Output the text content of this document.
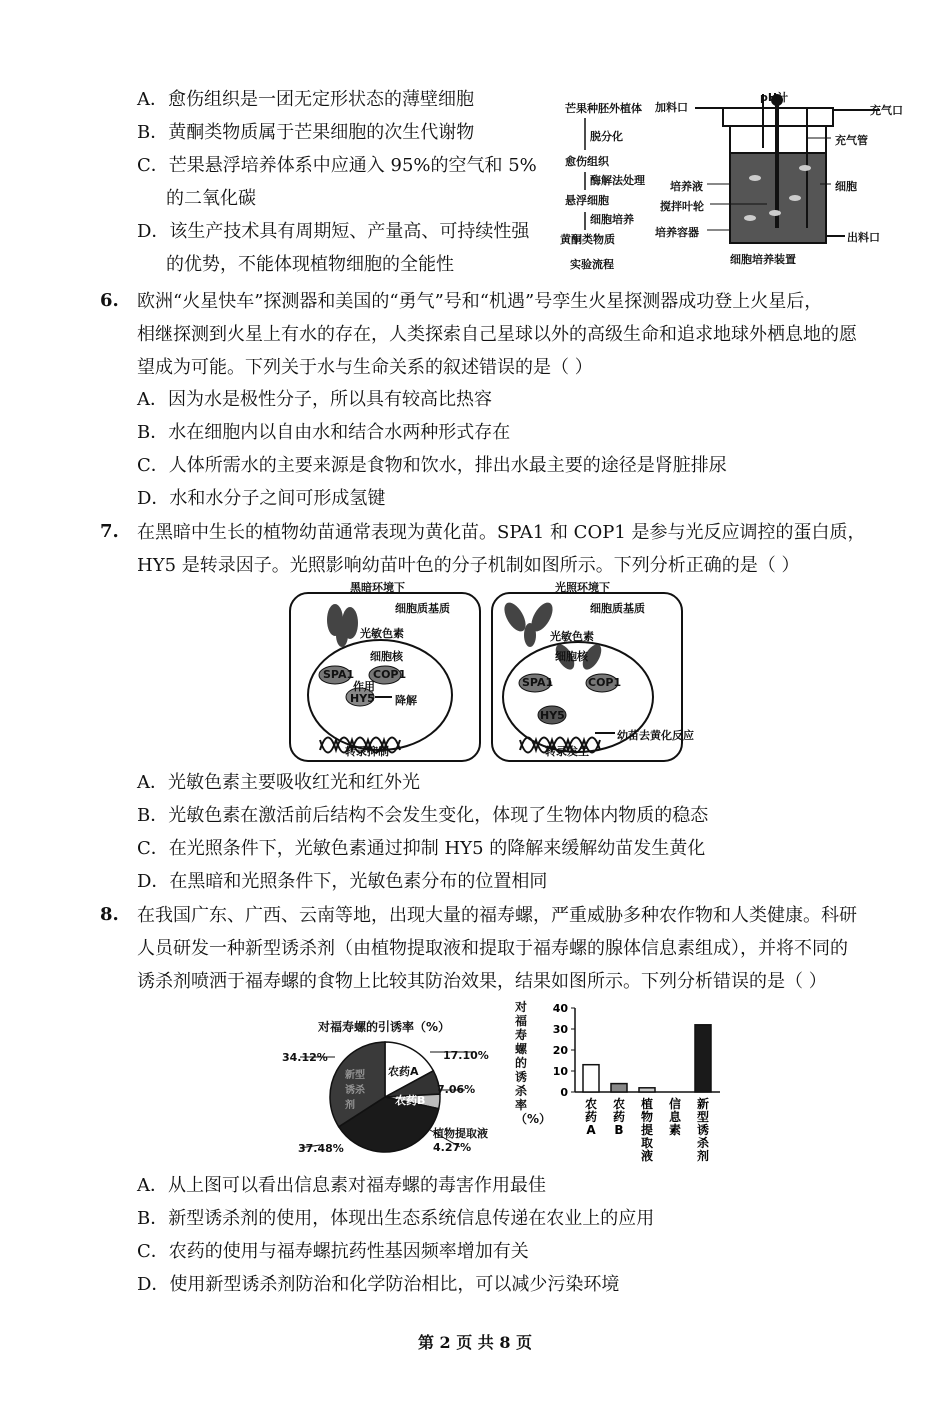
A．愈伤组织是一团无定形状态的薄壁细胞
B．黄酮类物质属于芒果细胞的次生代谢物
C．芒果悬浮培养体系中应通入 95%的空气和 5%
的二氧化碳
D．该生产技术具有周期短、产量高、可持续性强
的优势，不能体现植物细胞的全能性
芒果种胚外植体
脱分化
愈伤组织
酶解法处理
悬浮细胞
细胞培养
黄酮类物质
实验流程
加料口
pH计
充气口
充气管
培养液
搅拌叶轮
细胞
培养容器	出料口
细胞培养装置
6. 欧洲“火星快车”探测器和美国的“勇气”号和“机遇”号孪生火星探测器成功登上火星后，
相继探测到火星上有水的存在，人类探索自己星球以外的高级生命和追求地球外栖息地的愿
望成为可能。下列关于水与生命关系的叙述错误的是（ ）
A．因为水是极性分子，所以具有较高比热容
B．水在细胞内以自由水和结合水两种形式存在
C．人体所需水的主要来源是食物和饮水，排出水最主要的途径是肾脏排尿
D．水和水分子之间可形成氢键
7. 在黑暗中生长的植物幼苗通常表现为黄化苗。SPA1 和 COP1 是参与光反应调控的蛋白质，
HY5 是转录因子。光照影响幼苗叶色的分子机制如图所示。下列分析正确的是（ ）
黑暗环境下	光照环境下
细胞质基质	细胞质基质
光敏色素	光敏色素
细胞核	细胞核
SPA1 COP1
作用
HY5 降解
转录抑制
SPA1	COP1
HY5
幼苗去黄化反应
转录发生
A．光敏色素主要吸收红光和红外光
B．光敏色素在激活前后结构不会发生变化，体现了生物体内物质的稳态
C．在光照条件下，光敏色素通过抑制 HY5 的降解来缓解幼苗发生黄化
D．在黑暗和光照条件下，光敏色素分布的位置相同
8. 在我国广东、广西、云南等地，出现大量的福寿螺，严重威胁多种农作物和人类健康。科研
人员研发一种新型诱杀剂（由植物提取液和提取于福寿螺的腺体信息素组成），并将不同的
诱杀剂喷洒于福寿螺的食物上比较其防治效果，结果如图所示。下列分析错误的是（ ）
对福寿螺的引诱率（%）
34.12%	17.10%
7.06%
4.27%
37.48%
农药A
农药B
植物提取液
新型诱杀剂
对福寿螺的诱杀率（%）
0
10
20
30
40
农
药
A
农
药
B
植
物
提
取
液
信
息
素
新
型
诱
杀
剂
A．从上图可以看出信息素对福寿螺的毒害作用最佳
B．新型诱杀剂的使用，体现出生态系统信息传递在农业上的应用
C．农药的使用与福寿螺抗药性基因频率增加有关
D．使用新型诱杀剂防治和化学防治相比，可以减少污染环境
第 2 页 共 8 页
